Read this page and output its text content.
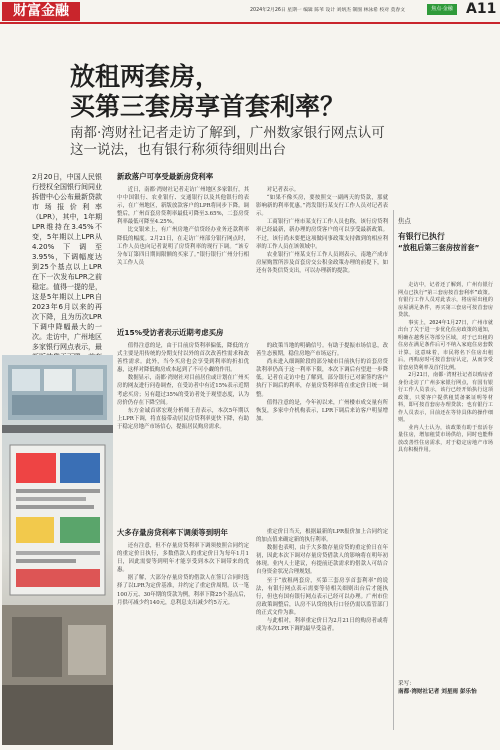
财富金融	2024年2月26日 星期一 编辑 陈苇 设计 刘炳杰 制图 林泳希 校对 莫春文	焦点·金融 A11
放租两套房，
买第三套房享首套利率？
南都·湾财社记者走访了解到，广州数家银行网点认可
这一说法，也有银行称须待细则出台
2月20日，中国人民银行授权全国银行间同业拆借中心公布最新贷款市场报价利率（LPR），其中，1年期LPR维持在3.45%不变，5年期以上LPR从4.20%下调至3.95%，下调幅度达到25个基点以上LPR在下一次发布LPR之前稳定。值得一提的是，这是5年期以上LPR自2023年6月以来的再次下降，且为历次LPR下调中降幅最大的一次。走访中，广州地区多家银行网点表示，最
新政落户可享受最新房贷利率

近日，南都·湾财社记者走访广州地区多家银行，其中中国银行、农业银行、交通银行以及其他银行的表示，在广州地区，新版放款客户的LPR将同步下降。调整后，广州首套房贷利率最低可降至3.65%，二套房贷利率最低可降至4.25%。

比交银来上，有广州房地产信贷经办业务还款利率降低的幅度。2月21日，在走访广州部分银行网点时，工作人员也向记者说明了房贷利率的现行下调。“该专分布订第四日期间限额的买家了。”银行银行广州分行相关工作人员

对记者表示。

“如果不像买房，要按照交一副两天的贷款，那就影响新的利率优惠。”湾发银行某支行工作人员对记者表示。

工商银行广州市某支行工作人员也称，该行房贷利率已经最新，新办理的房贷客户的可以享受最新政策。不过，该行尚未要把这项做同事政策支持做到的相应利率的工作人员在该领域中。

农业银行广州某支行工作人员则表示，南地产成市房屋购置所涉及首套房交公积金政策办理的前提下，如还有各类信贷支出，可以办理新的提款。

近15%受访者表示近期考虑买房

值得注意的是，由于目前房贷利率偏低，降低的方式主要是用传统的分期支付以外的首次改善性需求和改善性需求。此外，当今买房也会享受到利率的折扣优惠，这样对降低购房成本起到了不可小觑的作用。

数据显示，南都·湾财社对目前居住或计划在广州买房的网友进行问卷调查，在受访者中有近15%表示近期考虑买房；另有超过35%的受访者处于观望态度，认为房价仍存在下降空间。

东方金诚首席宏观分析师王青表示，本次5年期以上LPR下调，将直接带动居民房贷利率更快下降，有助于稳定房地产市场信心，提振居民购房需求。

的政策当地的明确信号。有助于提振市场信息，改善生态预期，稳住房地产市场运行。

尚未进入细调阶段的部分城市目前执行的首套房贷款利率仍高于这一利率下限，本次下调后有望进一步降低。记者在走访中也了解到，部分银行已对新签约客户执行下调后的利率，存量房贷利率将在重定价日统一调整。

值得注意的是，今年初以来，广州楼市成交量有所恢复，多家中介机构表示，LPR下调后来访客户明显增加。

大多存量房贷利率下调须等到明年

还有注意，但不存量房贷利率下调须按照合同约定的重定价日执行，多数借款人的重定价日为每年1月1日，因此需要等到明年才能享受到本次下调带来的优惠。

据了解，大部分存量房贷的借款人在签订合同时选择了以LPR为定价基准，并约定了重定价周期。以一笔100万元、30年期的贷款为例，利率下降25个基点后，月供可减少约140元，总利息支出减少约5万元。

重定价日当天，根据最新的LPR报价加上合同约定的加点值来确定新的执行利率。

数据也表明，由于大多数存量房贷的重定价日在年初，因此本次下调对存量房贷借款人的影响将在明年初体现。业内人士建议，有提前还款需求的借款人可结合自身资金状况合理规划。

至于“放租两套房，买第三套房享首套利率”的说法，有银行网点表示需要等待相关细则出台后才能执行，但也有国有银行网点表示已经可以办理。广州市住房政策调整后，认房不认贷的执行口径仍需以监管部门的正式文件为准。

与此相对，利率重定价日为2月21日的购房者或将成为本次LPR下调的最早受益者。

焦点
有银行已执行
“放租后第三套房按首套”

走访中，记者还了解到，广州有银行网点已执行“第三套房按首套利率”政策。有银行工作人员对此表示，将房屋出租的房屋满足条件，再买第三套房可按首套房贷款。

事实上，2024年1月27日，广州市就出台了关于进一步优化住房政策的通知，明确在越秀区等部分区域，对于已出租的住房在满足条件后可不纳入家庭住房套数计算。这意味着，市民将名下住房出租后，再购房时可按首套房认定，从而享受首套房贷利率及首付比例。

2月21日，南都·湾财社记者以购房者身份走访了广州多家银行网点，有国有银行工作人员表示，该行已经开始执行这项政策，只要客户提供租赁备案证明等材料，即可按首套房办理贷款；也有银行工作人员表示，目前还在等待具体的操作细则。

业内人士认为，该政策有助于盘活存量住房，增加租赁市场供给，同时也能释放改善性住房需求，对于稳定房地产市场具有积极作用。

采写：
南都·湾财社记者 刘星雨 彭乐怡
